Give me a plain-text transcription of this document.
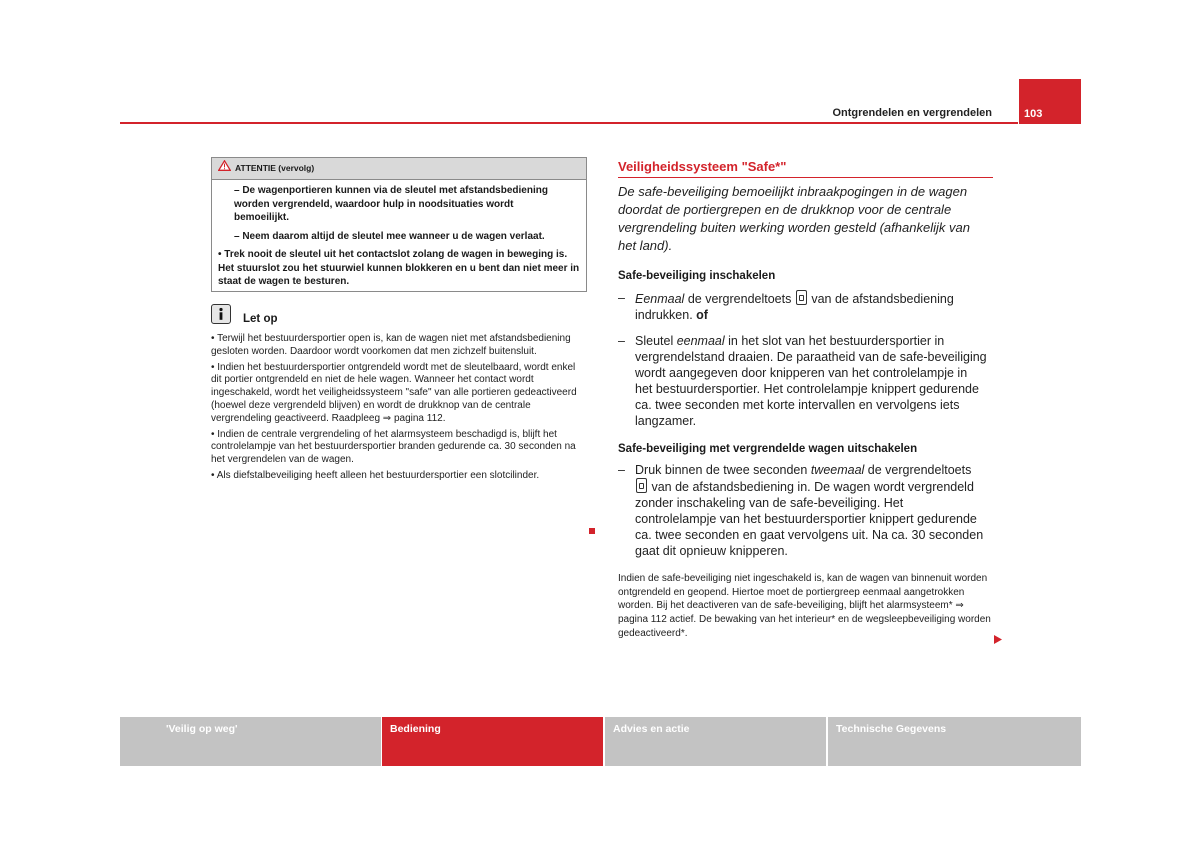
Ontgrendelen en vergrendelen	103
ATTENTIE (vervolg)
– De wagenportieren kunnen via de sleutel met afstandsbediening worden vergrendeld, waardoor hulp in noodsituaties wordt bemoeilijkt.
– Neem daarom altijd de sleutel mee wanneer u de wagen verlaat.
• Trek nooit de sleutel uit het contactslot zolang de wagen in beweging is. Het stuurslot zou het stuurwiel kunnen blokkeren en u bent dan niet meer in staat de wagen te besturen.
Let op

• Terwijl het bestuurdersportier open is, kan de wagen niet met afstandsbediening gesloten worden. Daardoor wordt voorkomen dat men zichzelf buitensluit.

• Indien het bestuurdersportier ontgrendeld wordt met de sleutelbaard, wordt enkel dit portier ontgrendeld en niet de hele wagen. Wanneer het contact wordt ingeschakeld, wordt het veiligheidssysteem "safe" van alle portieren gedeactiveerd (hoewel deze vergrendeld blijven) en wordt de drukknop van de centrale vergrendeling geactiveerd. Raadpleeg ⇒ pagina 112.

• Indien de centrale vergrendeling of het alarmsysteem beschadigd is, blijft het controlelampje van het bestuurdersportier branden gedurende ca. 30 seconden na het vergrendelen van de wagen.

• Als diefstalbeveiliging heeft alleen het bestuurdersportier een slotcilinder.

Veiligheidssysteem "Safe*"
De safe-beveiliging bemoeilijkt inbraakpogingen in de wagen doordat de portiergrepen en de drukknop voor de centrale vergrendeling buiten werking worden gesteld (afhankelijk van het land).
Safe-beveiliging inschakelen
– Eenmaal de vergrendeltoets  van de afstandsbediening indrukken. of
– Sleutel eenmaal in het slot van het bestuurdersportier in vergrendelstand draaien. De paraatheid van de safe-beveiliging wordt aangegeven door knipperen van het controlelampje in het bestuurdersportier. Het controlelampje knippert gedurende ca. twee seconden met korte intervallen en vervolgens iets langzamer.
Safe-beveiliging met vergrendelde wagen uitschakelen
– Druk binnen de twee seconden tweemaal de vergrendeltoets  van de afstandsbediening in. De wagen wordt vergrendeld zonder inschakeling van de safe-beveiliging. Het controlelampje van het bestuurdersportier knippert gedurende ca. twee seconden en gaat vervolgens uit. Na ca. 30 seconden gaat dit opnieuw knipperen.
Indien de safe-beveiliging niet ingeschakeld is, kan de wagen van binnenuit worden ontgrendeld en geopend. Hiertoe moet de portiergreep eenmaal aangetrokken worden. Bij het deactiveren van de safe-beveiliging, blijft het alarmsysteem* ⇒ pagina 112 actief. De bewaking van het interieur* en de wegsleepbeveiliging worden gedeactiveerd*.
'Veilig op weg'	Bediening	Advies en actie	Technische Gegevens
